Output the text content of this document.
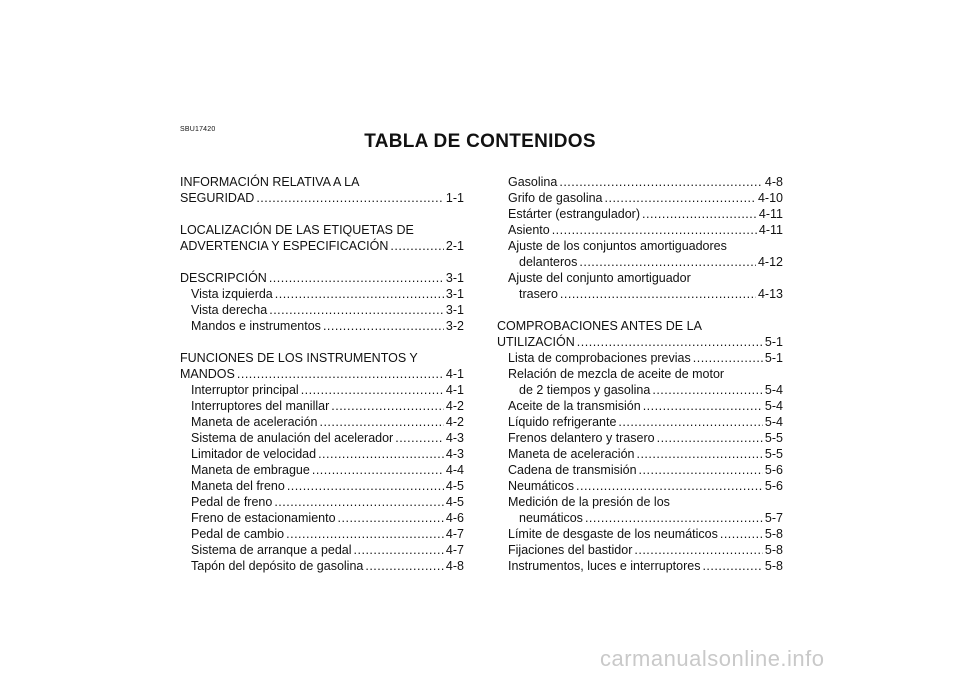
SBU17420
TABLA DE CONTENIDOS
INFORMACIÓN RELATIVA A LA
SEGURIDAD .....	1-1
LOCALIZACIÓN DE LAS ETIQUETAS DE
ADVERTENCIA Y ESPECIFICACIÓN .....	2-1
DESCRIPCIÓN .....	3-1
Vista izquierda .....	3-1
Vista derecha .....	3-1
Mandos e instrumentos .....	3-2
FUNCIONES DE LOS INSTRUMENTOS Y
MANDOS .....	4-1
Interruptor principal .....	4-1
Interruptores del manillar .....	4-2
Maneta de aceleración .....	4-2
Sistema de anulación del acelerador .....	4-3
Limitador de velocidad .....	4-3
Maneta de embrague .....	4-4
Maneta del freno .....	4-5
Pedal de freno .....	4-5
Freno de estacionamiento .....	4-6
Pedal de cambio .....	4-7
Sistema de arranque a pedal .....	4-7
Tapón del depósito de gasolina .....	4-8
Gasolina .....	4-8
Grifo de gasolina .....	4-10
Estárter (estrangulador) .....	4-11
Asiento .....	4-11
Ajuste de los conjuntos amortiguadores
delanteros .....	4-12
Ajuste del conjunto amortiguador
trasero .....	4-13
COMPROBACIONES ANTES DE LA
UTILIZACIÓN .....	5-1
Lista de comprobaciones previas .....	5-1
Relación de mezcla de aceite de motor
de 2 tiempos y gasolina .....	5-4
Aceite de la transmisión .....	5-4
Líquido refrigerante .....	5-4
Frenos delantero y trasero .....	5-5
Maneta de aceleración .....	5-5
Cadena de transmisión .....	5-6
Neumáticos .....	5-6
Medición de la presión de los
neumáticos .....	5-7
Límite de desgaste de los neumáticos .....	5-8
Fijaciones del bastidor .....	5-8
Instrumentos, luces e interruptores .....	5-8
carmanualsonline.info
